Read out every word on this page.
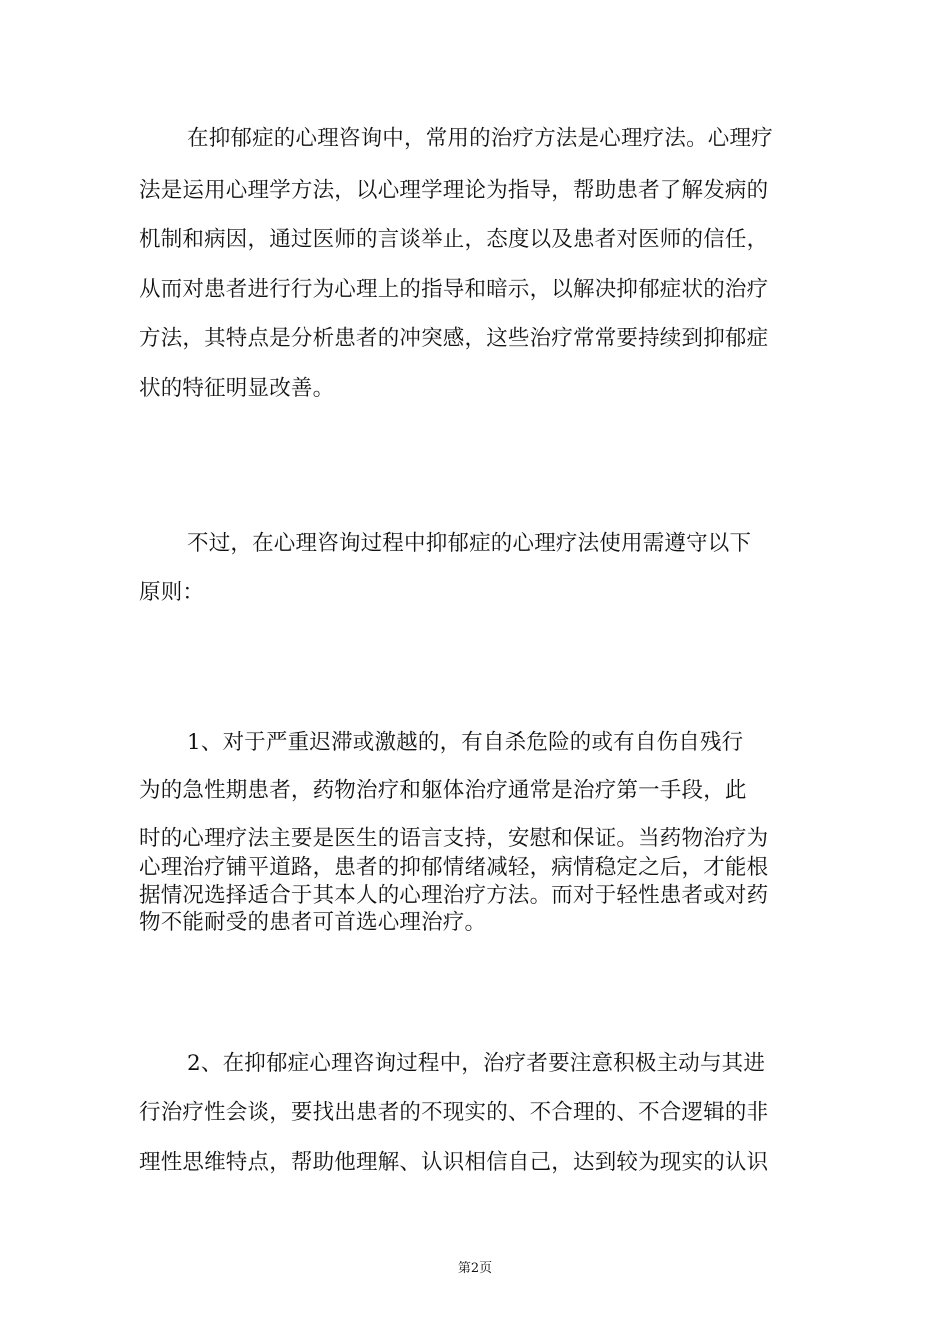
在抑郁症的心理咨询中，常用的治疗方法是心理疗法。心理疗
法是运用心理学方法，以心理学理论为指导，帮助患者了解发病的
机制和病因，通过医师的言谈举止，态度以及患者对医师的信任，
从而对患者进行行为心理上的指导和暗示，以解决抑郁症状的治疗
方法，其特点是分析患者的冲突感，这些治疗常常要持续到抑郁症
状的特征明显改善。
不过，在心理咨询过程中抑郁症的心理疗法使用需遵守以下
原则：
1、对于严重迟滞或激越的，有自杀危险的或有自伤自残行
为的急性期患者，药物治疗和躯体治疗通常是治疗第一手段，此
时的心理疗法主要是医生的语言支持，安慰和保证。当药物治疗为
心理治疗铺平道路，患者的抑郁情绪减轻，病情稳定之后，才能根
据情况选择适合于其本人的心理治疗方法。而对于轻性患者或对药
物不能耐受的患者可首选心理治疗。
2、在抑郁症心理咨询过程中，治疗者要注意积极主动与其进
行治疗性会谈，要找出患者的不现实的、不合理的、不合逻辑的非
理性思维特点，帮助他理解、认识相信自己，达到较为现实的认识
第2页
